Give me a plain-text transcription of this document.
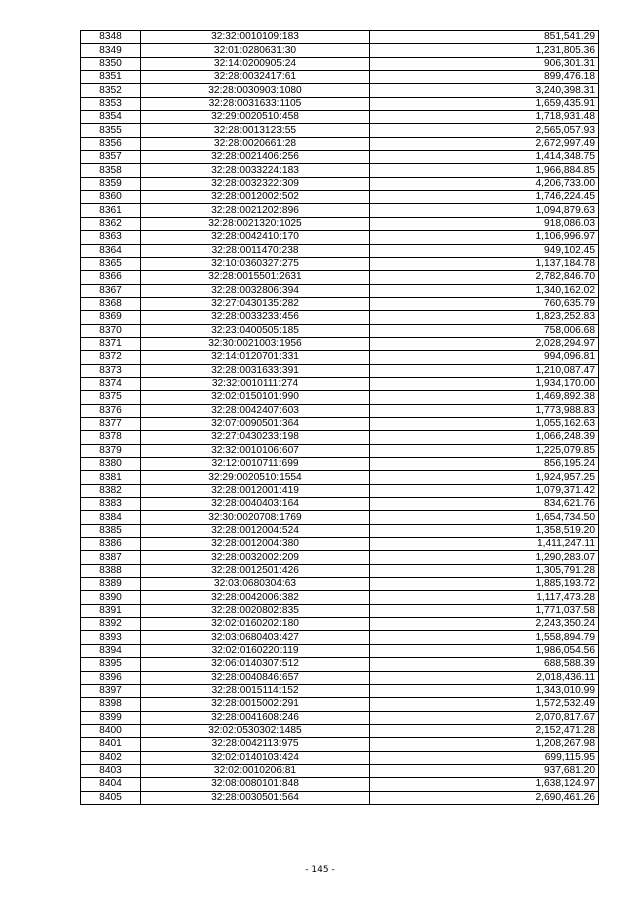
8348	32:32:0010109:183	851,541.29
8349	32:01:0280631:30	1,231,805.36
8350	32:14:0200905:24	906,301.31
8351	32:28:0032417:61	899,476.18
8352	32:28:0030903:1080	3,240,398.31
8353	32:28:0031633:1105	1,659,435.91
8354	32:29:0020510:458	1,718,931.48
8355	32:28:0013123:55	2,565,057.93
8356	32:28:0020661:28	2,672,997.49
8357	32:28:0021406:256	1,414,348.75
8358	32:28:0033224:183	1,966,884.85
8359	32:28:0032322:309	4,206,733.00
8360	32:28:0012002:502	1,746,224.45
8361	32:28:0021202:896	1,094,879.63
8362	32:28:0021320:1025	918,086.03
8363	32:28:0042410:170	1,106,996.97
8364	32:28:0011470:238	949,102.45
8365	32:10:0360327:275	1,137,184.78
8366	32:28:0015501:2631	2,782,846.70
8367	32:28:0032806:394	1,340,162.02
8368	32:27:0430135:282	760,635.79
8369	32:28:0033233:456	1,823,252.83
8370	32:23:0400505:185	758,006.68
8371	32:30:0021003:1956	2,028,294.97
8372	32:14:0120701:331	994,096.81
8373	32:28:0031633:391	1,210,087.47
8374	32:32:0010111:274	1,934,170.00
8375	32:02:0150101:990	1,469,892.38
8376	32:28:0042407:603	1,773,988.83
8377	32:07:0090501:364	1,055,162.63
8378	32:27:0430233:198	1,066,248.39
8379	32:32:0010106:607	1,225,079.85
8380	32:12:0010711:699	856,195.24
8381	32:29:0020510:1554	1,924,957.25
8382	32:28:0012001:419	1,079,371.42
8383	32:28:0040403:164	834,621.76
8384	32:30:0020708:1769	1,654,734.50
8385	32:28:0012004:524	1,358,519.20
8386	32:28:0012004:380	1,411,247.11
8387	32:28:0032002:209	1,290,283.07
8388	32:28:0012501:426	1,305,791.28
8389	32:03:0680304:63	1,885,193.72
8390	32:28:0042006:382	1,117,473.28
8391	32:28:0020802:835	1,771,037.58
8392	32:02:0160202:180	2,243,350.24
8393	32:03:0680403:427	1,558,894.79
8394	32:02:0160220:119	1,986,054.56
8395	32:06:0140307:512	688,588.39
8396	32:28:0040846:657	2,018,436.11
8397	32:28:0015114:152	1,343,010.99
8398	32:28:0015002:291	1,572,532.49
8399	32:28:0041608:246	2,070,817.67
8400	32:02:0530302:1485	2,152,471.28
8401	32:28:0042113:975	1,208,267.98
8402	32:02:0140103:424	699,115.95
8403	32:02:0010206:81	937,681.20
8404	32:08:0080101:848	1,638,124.97
8405	32:28:0030501:564	2,690,461.26
- 145 -
